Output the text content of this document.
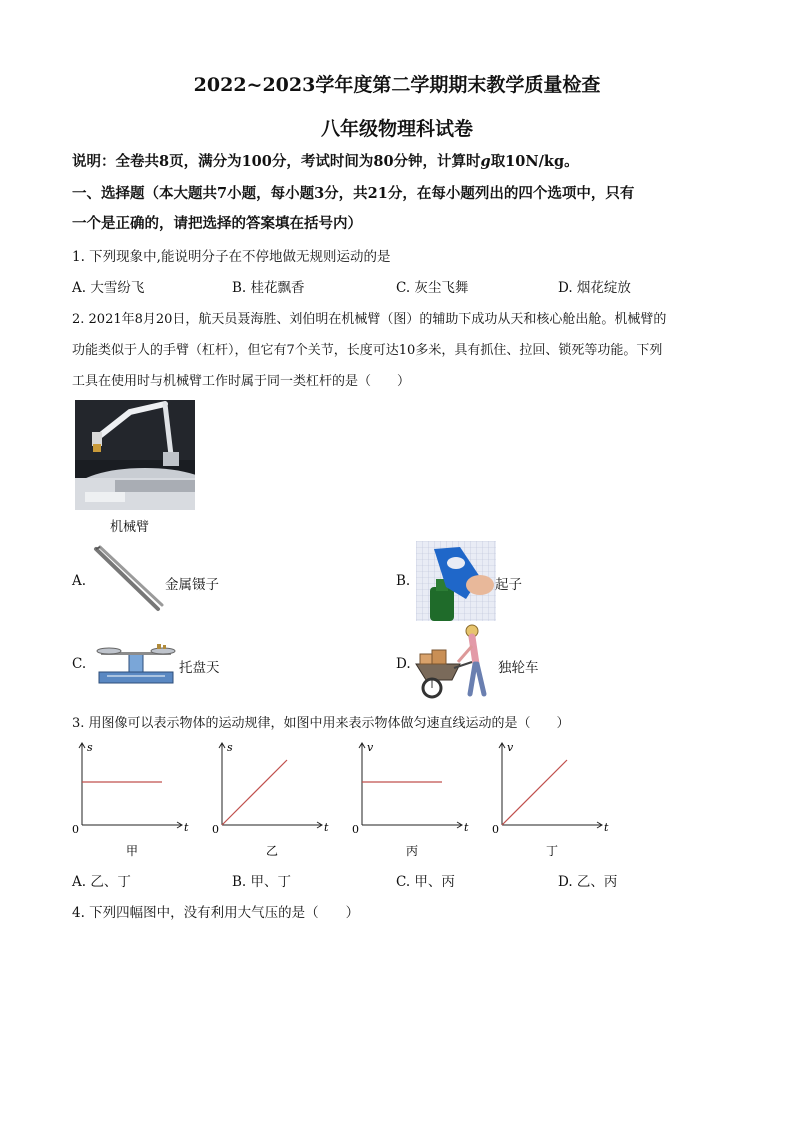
2022~2023学年度第二学期期末教学质量检查
八年级物理科试卷
说明：全卷共8页，满分为100分，考试时间为80分钟，计算时g取10N/kg。
一、选择题（本大题共7小题，每小题3分，共21分，在每小题列出的四个选项中，只有
一个是正确的，请把选择的答案填在括号内）
1. 下列现象中,能说明分子在不停地做无规则运动的是
A. 大雪纷飞	B. 桂花飘香	C. 灰尘飞舞	D. 烟花绽放
2. 2021年8月20日，航天员聂海胜、刘伯明在机械臂（图）的辅助下成功从天和核心舱出舱。机械臂的
功能类似于人的手臂（杠杆），但它有7个关节，长度可达10多米，具有抓住、拉回、锁死等功能。下列
工具在使用时与机械臂工作时属于同一类杠杆的是（　　）
机械臂
A.	金属镊子	B.	起子
C.	托盘天	D.	独轮车
3. 用图像可以表示物体的运动规律，如图中用来表示物体做匀速直线运动的是（　　）
s
t
0
甲
s
t
0
乙
v
t
0
丙
v
t
0
丁
A. 乙、丁	B. 甲、丁	C. 甲、丙	D. 乙、丙
4. 下列四幅图中，没有利用大气压的是（　　）
